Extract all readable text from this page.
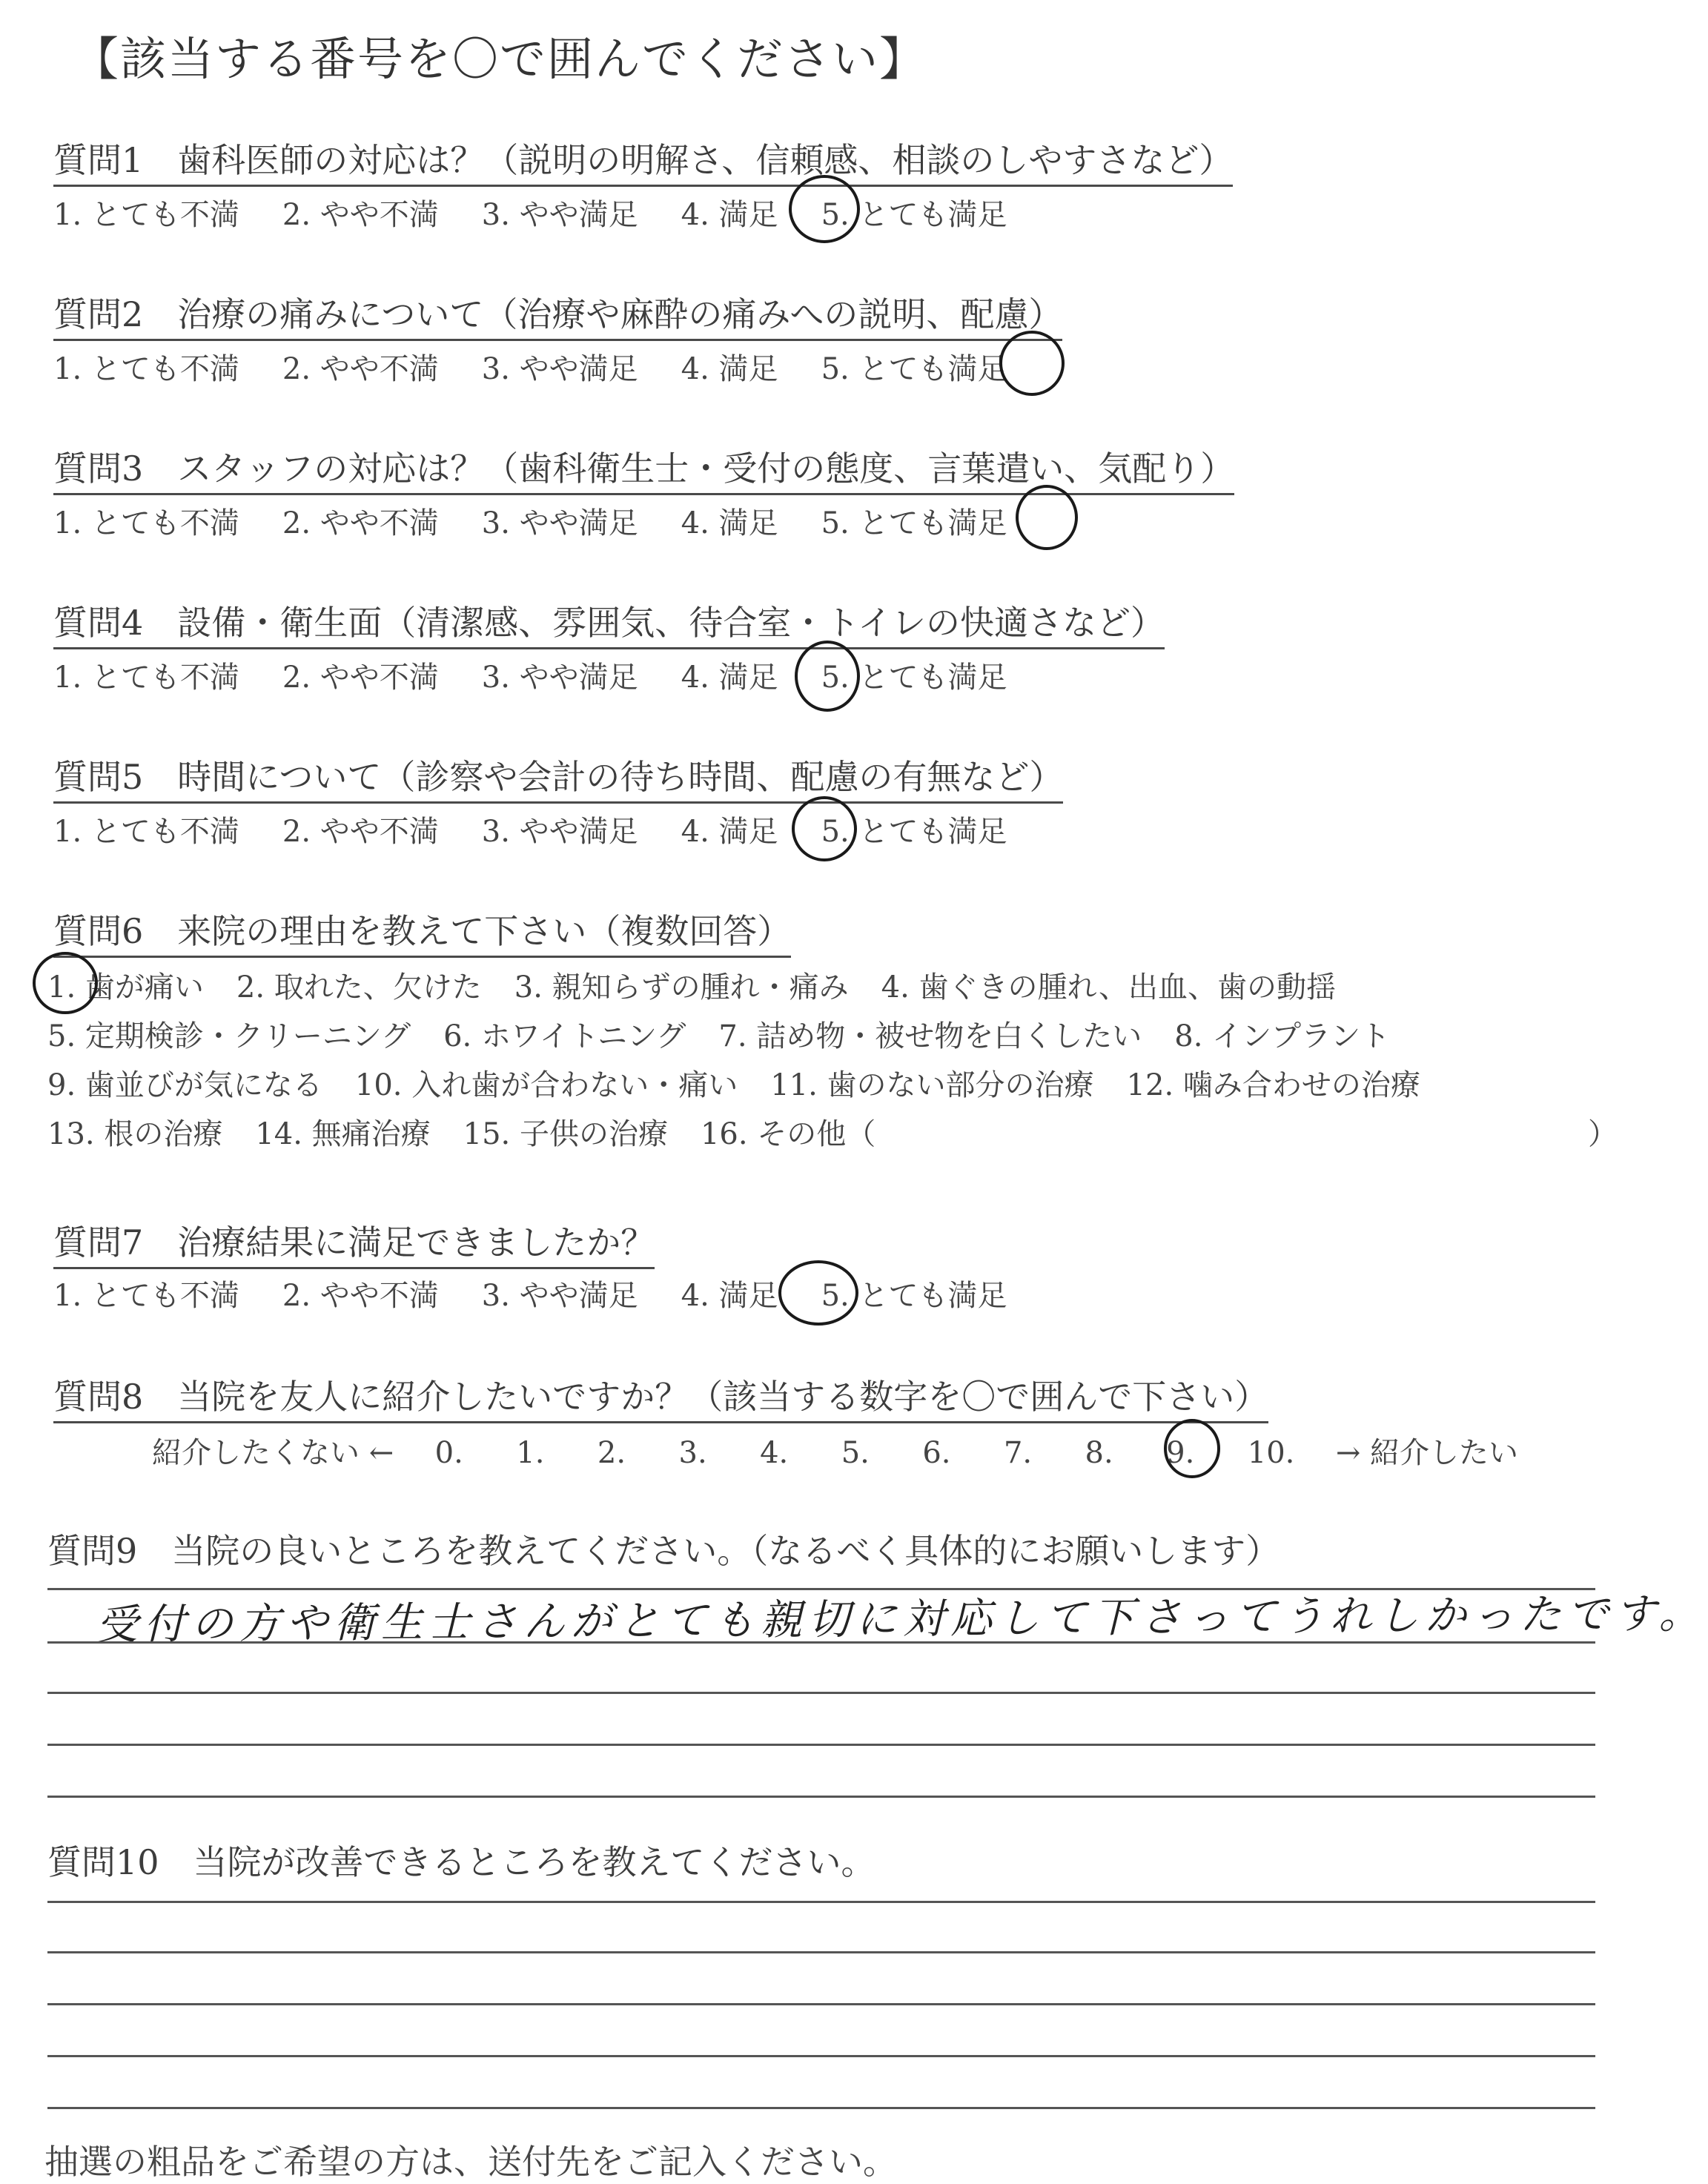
【該当する番号を〇で囲んでください】
質問1　歯科医師の対応は？（説明の明解さ、信頼感、相談のしやすさなど）
1. とても不満 2. やや不満 3. やや満足 4. 満足 5. とても満足
質問2　治療の痛みについて（治療や麻酔の痛みへの説明、配慮）
1. とても不満 2. やや不満 3. やや満足 4. 満足 5. とても満足
質問3　スタッフの対応は？（歯科衛生士・受付の態度、言葉遣い、気配り）
1. とても不満 2. やや不満 3. やや満足 4. 満足 5. とても満足
質問4　設備・衛生面（清潔感、雰囲気、待合室・トイレの快適さなど）
1. とても不満 2. やや不満 3. やや満足 4. 満足 5. とても満足
質問5　時間について（診察や会計の待ち時間、配慮の有無など）
1. とても不満 2. やや不満 3. やや満足 4. 満足 5. とても満足
質問6　来院の理由を教えて下さい（複数回答）
1. 歯が痛い 2. 取れた、欠けた 3. 親知らずの腫れ・痛み 4. 歯ぐきの腫れ、出血、歯の動揺
5. 定期検診・クリーニング 6. ホワイトニング 7. 詰め物・被せ物を白くしたい 8. インプラント
9. 歯並びが気になる 10. 入れ歯が合わない・痛い 11. 歯のない部分の治療 12. 噛み合わせの治療
13. 根の治療 14. 無痛治療 15. 子供の治療 16. その他（	）
質問7　治療結果に満足できましたか？
1. とても不満 2. やや不満 3. やや満足 4. 満足 5. とても満足
質問8　当院を友人に紹介したいですか？（該当する数字を〇で囲んで下さい）
紹介したくない ← 0. 1. 2. 3. 4. 5. 6. 7. 8. 9. 10. → 紹介したい
質問9　当院の良いところを教えてください。（なるべく具体的にお願いします）
受付の方や衛生士さんがとても親切に対応して下さってうれしかったです。
質問10　当院が改善できるところを教えてください。
抽選の粗品をご希望の方は、送付先をご記入ください。
